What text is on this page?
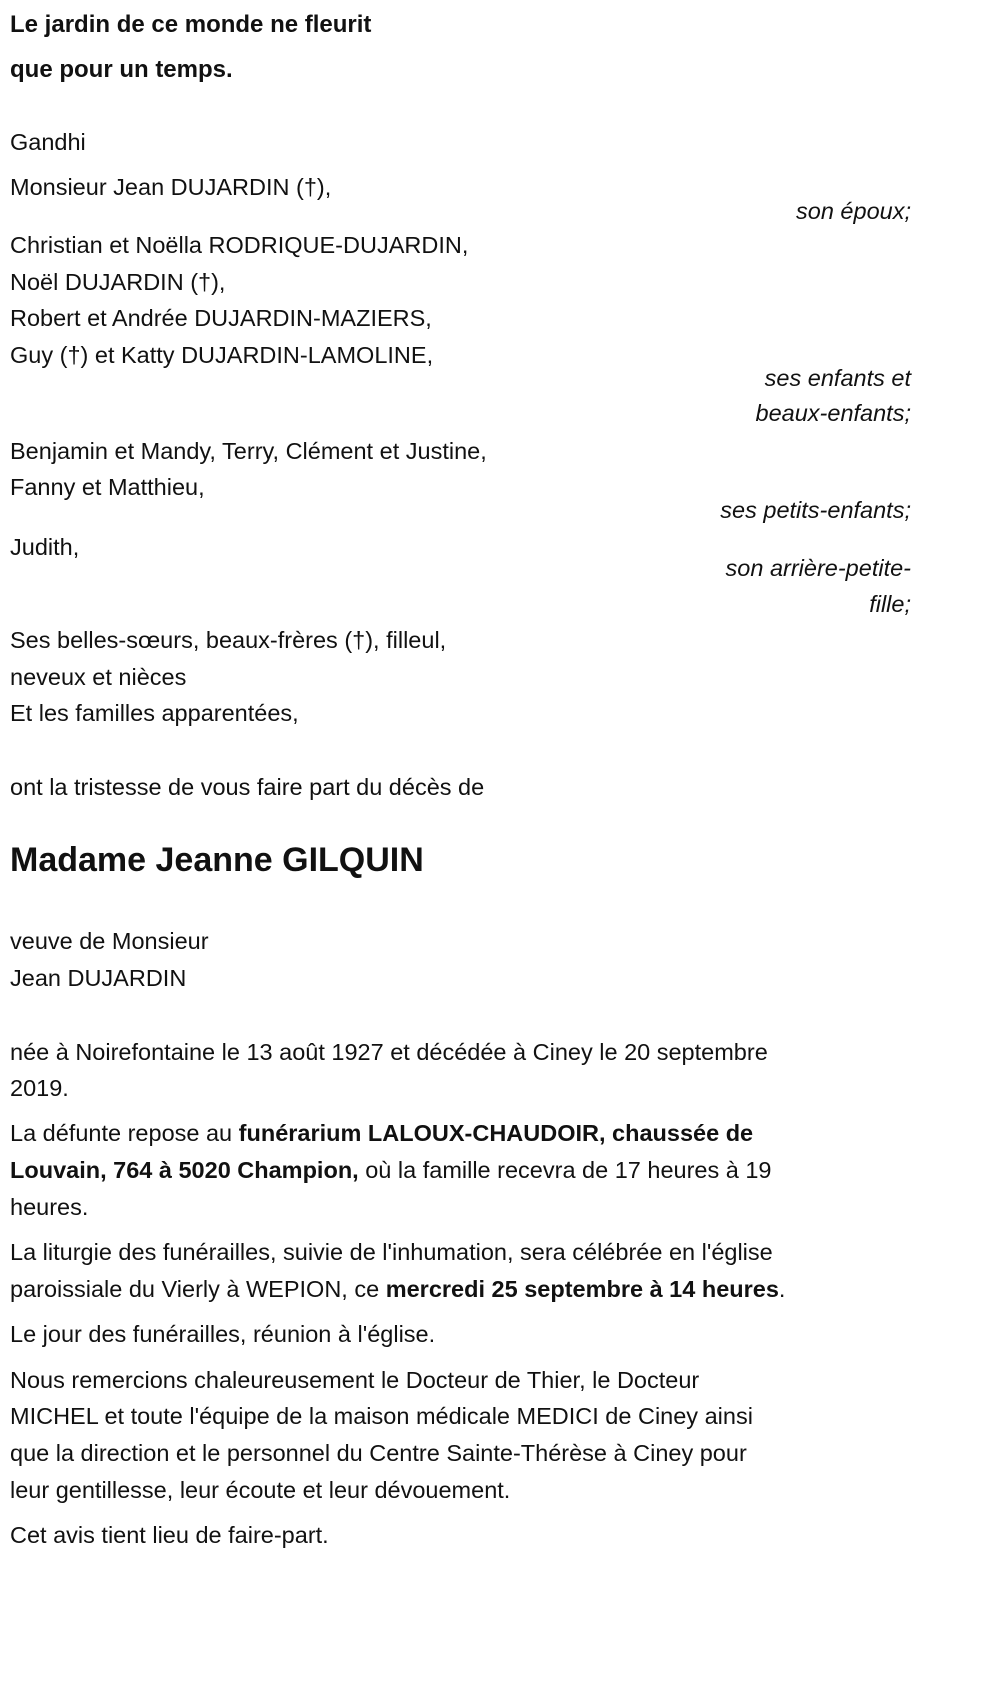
Le jardin de ce monde ne fleurit
que pour un temps.
Gandhi
Monsieur Jean DUJARDIN (†),
son époux;
Christian et Noëlla RODRIQUE-DUJARDIN,
Noël DUJARDIN (†),
Robert et Andrée DUJARDIN-MAZIERS,
Guy (†) et Katty DUJARDIN-LAMOLINE,
ses enfants et
beaux-enfants;
Benjamin et Mandy, Terry, Clément et Justine,
Fanny et Matthieu,
ses petits-enfants;
Judith,
son arrière-petite-
fille;
Ses belles-sœurs, beaux-frères (†), filleul,
neveux et nièces
Et les familles apparentées,
ont la tristesse de vous faire part du décès de
Madame Jeanne GILQUIN
veuve de Monsieur
Jean DUJARDIN
née à Noirefontaine le 13 août 1927 et décédée à Ciney le 20 septembre
2019.
La défunte repose au funérarium LALOUX-CHAUDOIR, chaussée de
Louvain, 764 à 5020 Champion, où la famille recevra de 17 heures à 19
heures.
La liturgie des funérailles, suivie de l'inhumation, sera célébrée en l'église
paroissiale du Vierly à WEPION, ce mercredi 25 septembre à 14 heures.
Le jour des funérailles, réunion à l'église.
Nous remercions chaleureusement le Docteur de Thier, le Docteur
MICHEL et toute l'équipe de la maison médicale MEDICI de Ciney ainsi
que la direction et le personnel du Centre Sainte-Thérèse à Ciney pour
leur gentillesse, leur écoute et leur dévouement.
Cet avis tient lieu de faire-part.
